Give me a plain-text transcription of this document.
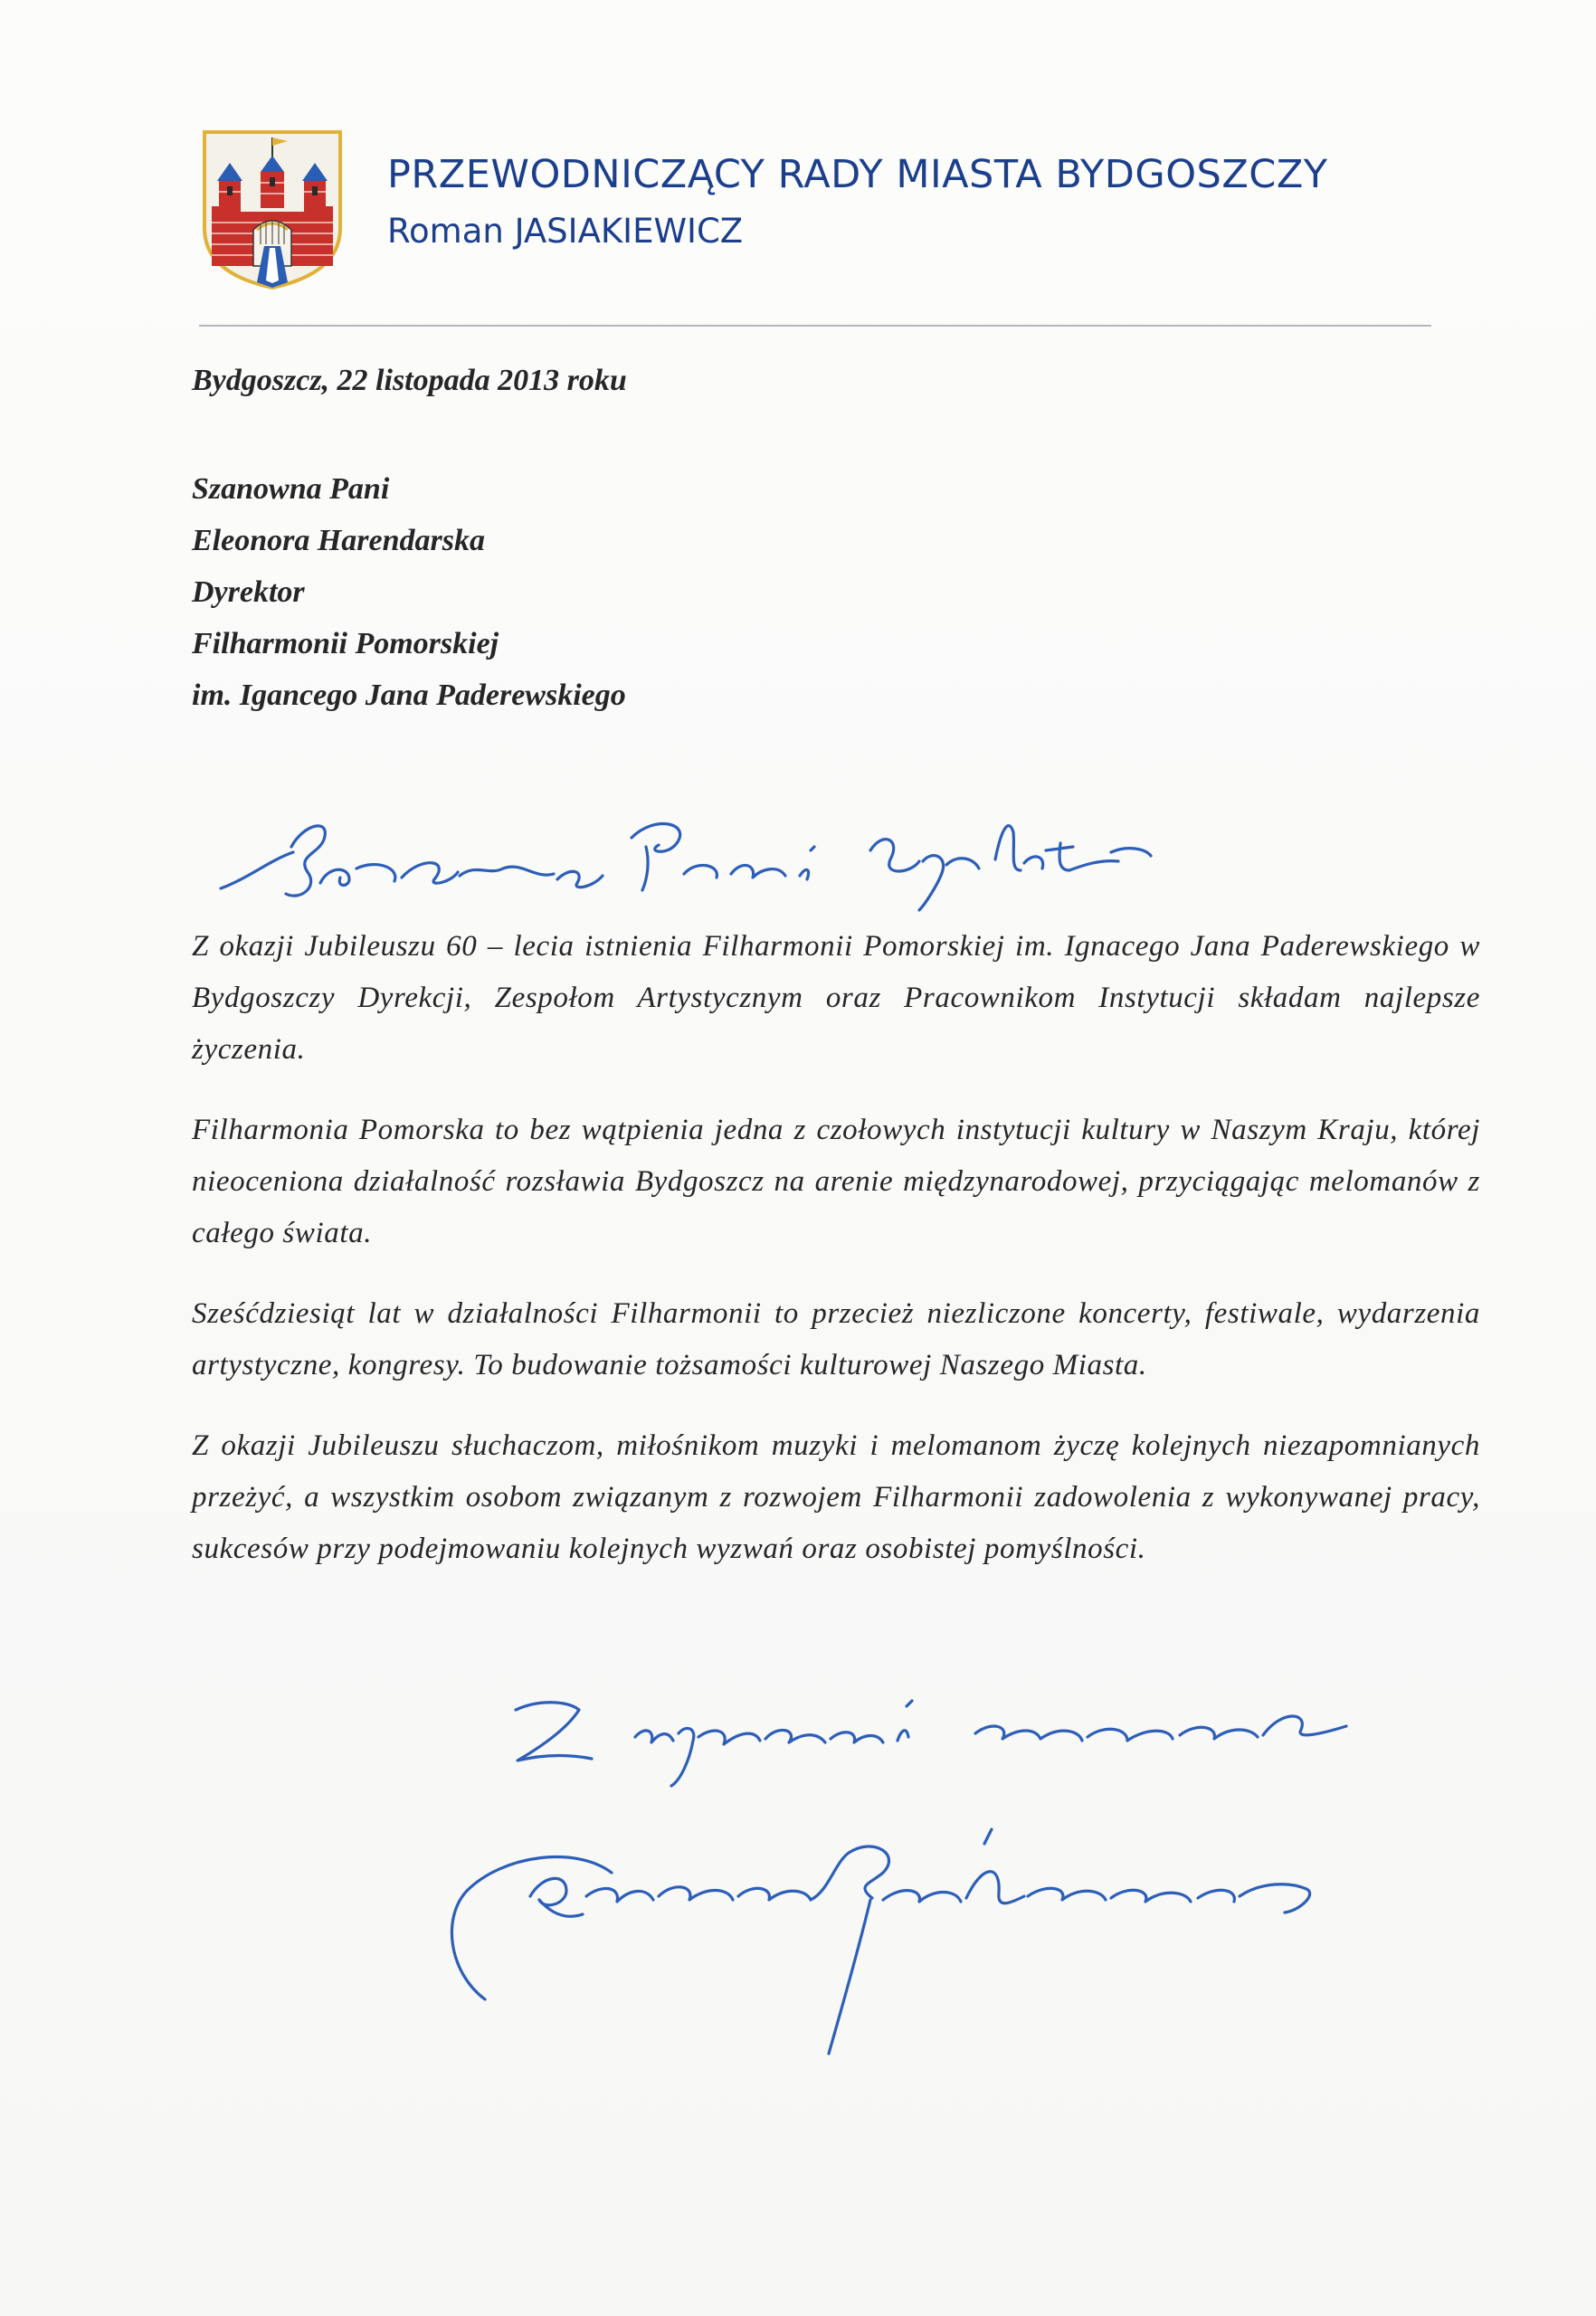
PRZEWODNICZĄCY RADY MIASTA BYDGOSZCZY
Roman JASIAKIEWICZ
Bydgoszcz, 22 listopada 2013 roku
Szanowna Pani
Eleonora Harendarska
Dyrektor
Filharmonii Pomorskiej
im. Igancego Jana Paderewskiego

Z okazji Jubileuszu 60 – lecia istnienia Filharmonii Pomorskiej im. Ignacego Jana Paderewskiego w Bydgoszczy Dyrekcji, Zespołom Artystycznym oraz Pracownikom Instytucji składam najlepsze życzenia.

Filharmonia Pomorska to bez wątpienia jedna z czołowych instytucji kultury w Naszym Kraju, której nieoceniona działalność rozsławia Bydgoszcz na arenie międzynarodowej, przyciągając melomanów z całego świata.

Sześćdziesiąt lat w działalności Filharmonii to przecież niezliczone koncerty, festiwale, wydarzenia artystyczne, kongresy. To budowanie tożsamości kulturowej Naszego Miasta.

Z okazji Jubileuszu słuchaczom, miłośnikom muzyki i melomanom życzę kolejnych niezapomnianych przeżyć, a wszystkim osobom związanym z rozwojem Filharmonii zadowolenia z wykonywanej pracy, sukcesów przy podejmowaniu kolejnych wyzwań oraz osobistej pomyślności.
